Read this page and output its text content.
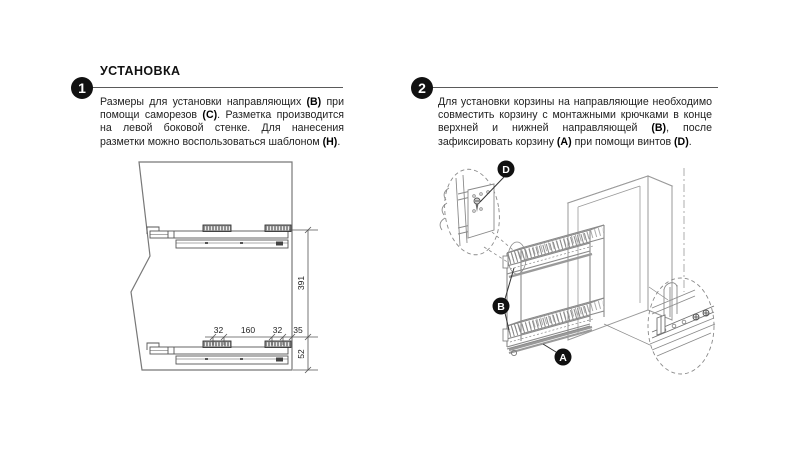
1
УСТАНОВКА

Размеры для установки направляющих (B) при помощи саморезов (C). Разметка производится на левой боковой стенке. Для нанесения разметки можно воспользоваться шаблоном (H).

32 160 32 35
391
52
2

Для установки корзины на направляющие необходимо совместить корзину с монтажными крючками в конце верхней и нижней направляющей (B), после зафиксировать корзину (A) при помощи винтов (D).

D
B
A
